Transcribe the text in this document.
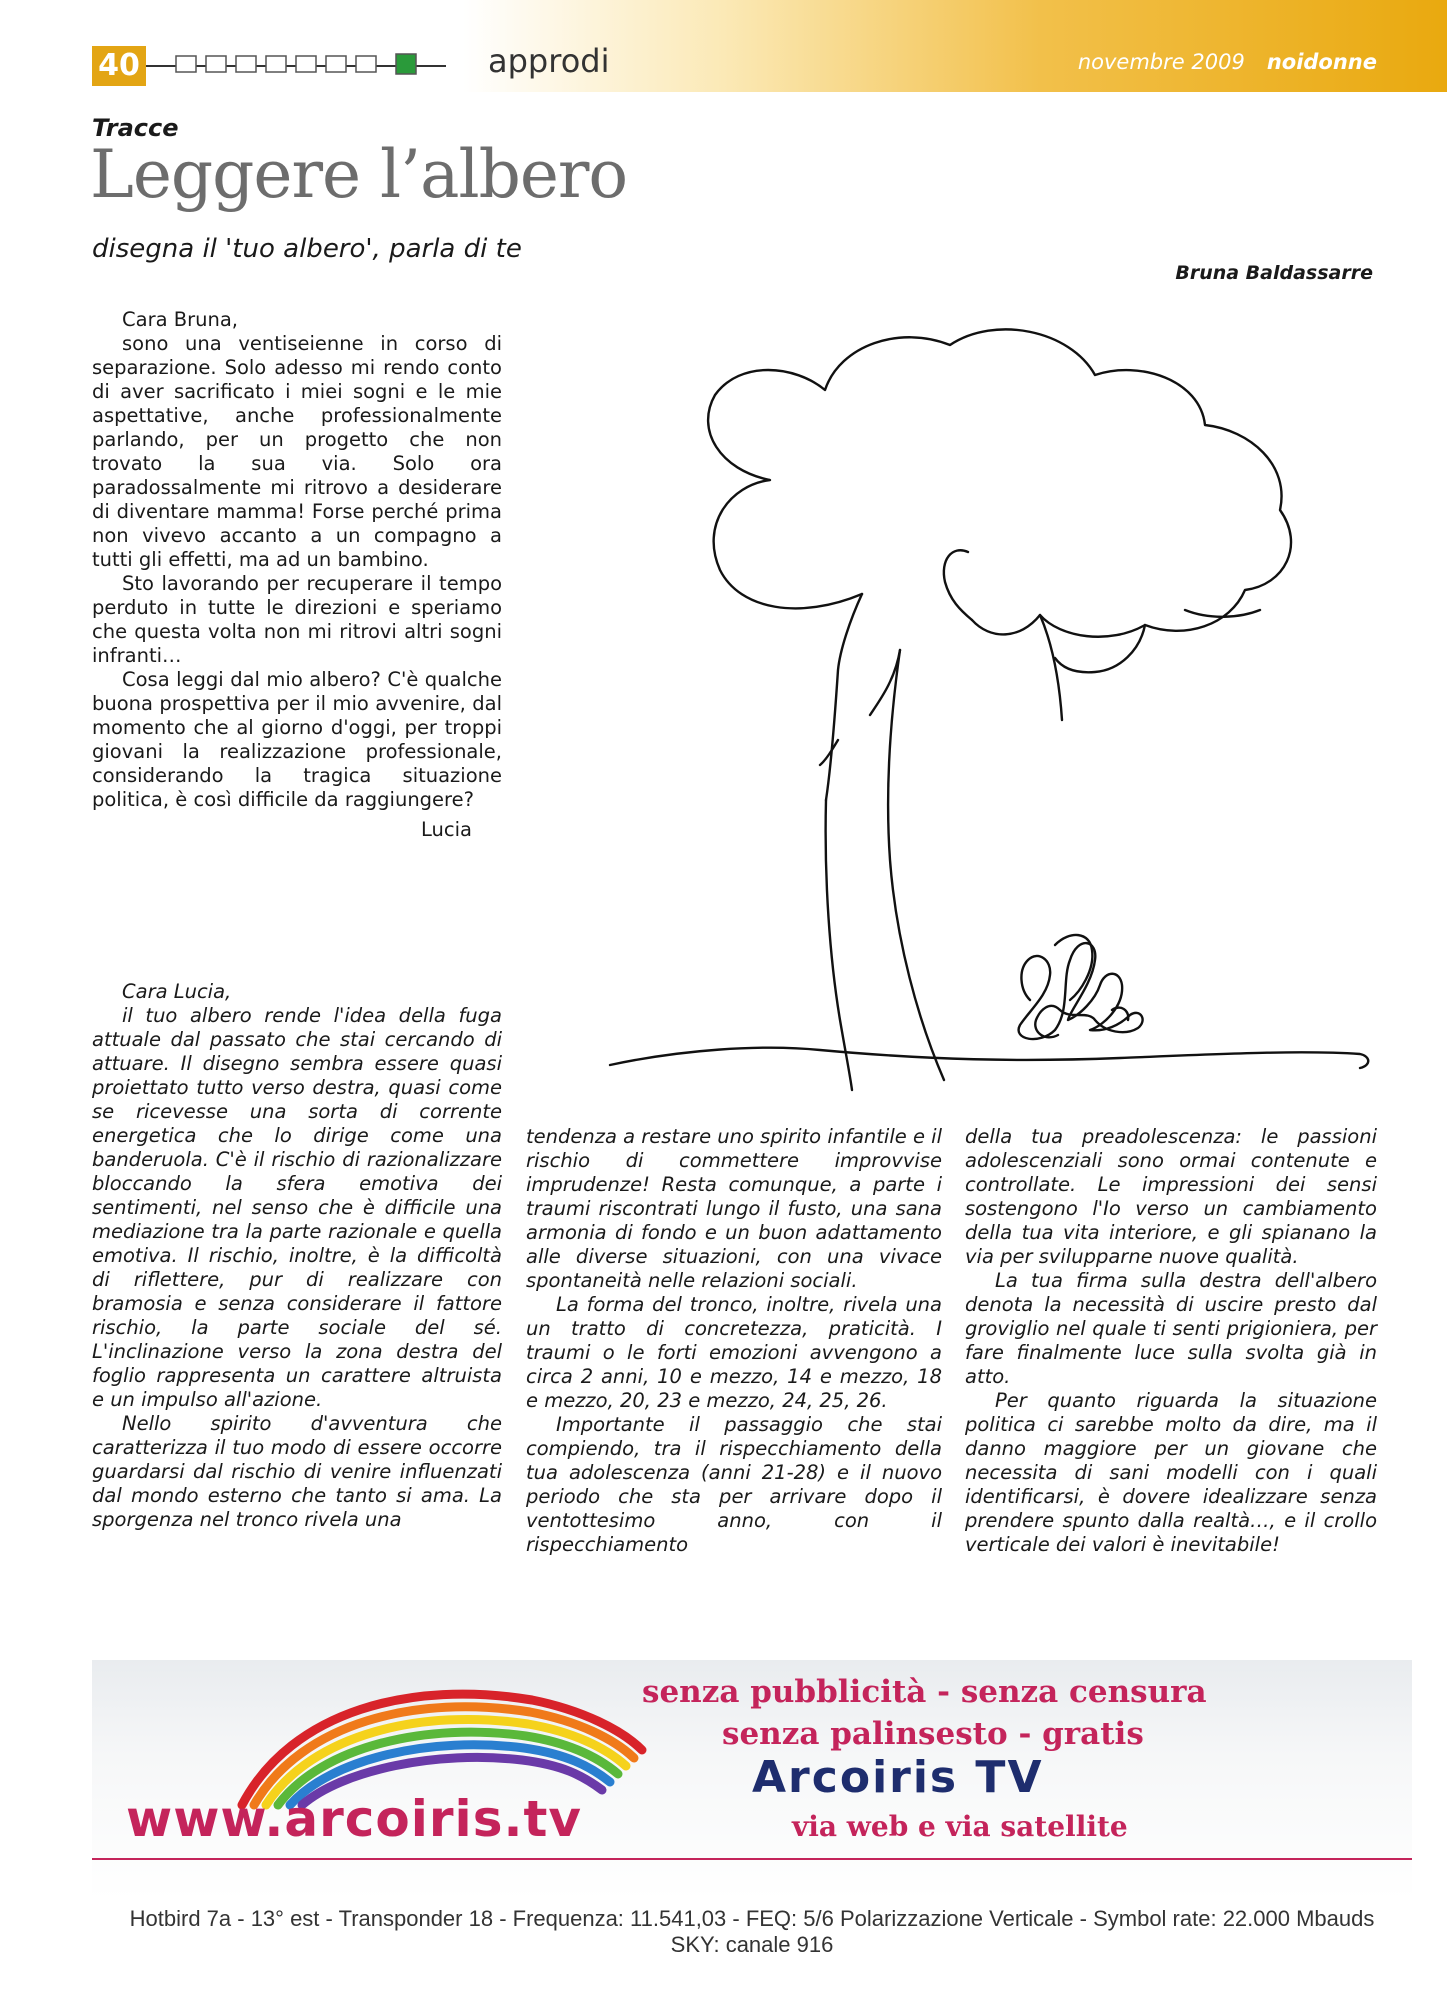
40	approdi	novembre 2009 noidonne
Tracce
Leggere l’albero
disegna il 'tuo albero', parla di te
Bruna Baldassarre

Cara Bruna,

sono una ventiseienne in corso di separazione. Solo adesso mi rendo conto di aver sacrificato i miei sogni e le mie aspettative, anche professionalmente parlando, per un progetto che non trovato la sua via. Solo ora paradossalmente mi ritrovo a desiderare di diventare mamma! Forse perché prima non vivevo accanto a un compagno a tutti gli effetti, ma ad un bambino.

Sto lavorando per recuperare il tempo perduto in tutte le direzioni e speriamo che questa volta non mi ritrovi altri sogni infranti…

Cosa leggi dal mio albero? C'è qualche buona prospettiva per il mio avvenire, dal momento che al giorno d'oggi, per troppi giovani la realizzazione professionale, considerando la tragica situazione politica, è così difficile da raggiungere?

Lucia

Cara Lucia,

il tuo albero rende l'idea della fuga attuale dal passato che stai cercando di attuare. Il disegno sembra essere quasi proiettato tutto verso destra, quasi come se ricevesse una sorta di corrente energetica che lo dirige come una banderuola. C'è il rischio di razionalizzare bloccando la sfera emotiva dei sentimenti, nel senso che è difficile una mediazione tra la parte razionale e quella emotiva. Il rischio, inoltre, è la difficoltà di riflettere, pur di realizzare con bramosia e senza considerare il fattore rischio, la parte sociale del sé. L'inclinazione verso la zona destra del foglio rappresenta un carattere altruista e un impulso all'azione.

Nello spirito d'avventura che caratterizza il tuo modo di essere occorre guardarsi dal rischio di venire influenzati dal mondo esterno che tanto si ama. La sporgenza nel tronco rivela una

tendenza a restare uno spirito infantile e il rischio di commettere improvvise imprudenze! Resta comunque, a parte i traumi riscontrati lungo il fusto, una sana armonia di fondo e un buon adattamento alle diverse situazioni, con una vivace spontaneità nelle relazioni sociali.

La forma del tronco, inoltre, rivela una un tratto di concretezza, praticità. I traumi o le forti emozioni avvengono a circa 2 anni, 10 e mezzo, 14 e mezzo, 18 e mezzo, 20, 23 e mezzo, 24, 25, 26.

Importante il passaggio che stai compiendo, tra il rispecchiamento della tua adolescenza (anni 21-28) e il nuovo periodo che sta per arrivare dopo il ventottesimo anno, con il rispecchiamento

della tua preadolescenza: le passioni adolescenziali sono ormai contenute e controllate. Le impressioni dei sensi sostengono l'Io verso un cambiamento della tua vita interiore, e gli spianano la via per svilupparne nuove qualità.

La tua firma sulla destra dell'albero denota la necessità di uscire presto dal groviglio nel quale ti senti prigioniera, per fare finalmente luce sulla svolta già in atto.

Per quanto riguarda la situazione politica ci sarebbe molto da dire, ma il danno maggiore per un giovane che necessita di sani modelli con i quali identificarsi, è dovere idealizzare senza prendere spunto dalla realtà…, e il crollo verticale dei valori è inevitabile!

www.arcoiris.tv
senza pubblicità - senza censura
senza palinsesto - gratis
Arcoiris TV
via web e via satellite
Hotbird 7a - 13° est - Transponder 18 - Frequenza: 11.541,03 - FEQ: 5/6 Polarizzazione Verticale - Symbol rate: 22.000 Mbauds
SKY: canale 916
